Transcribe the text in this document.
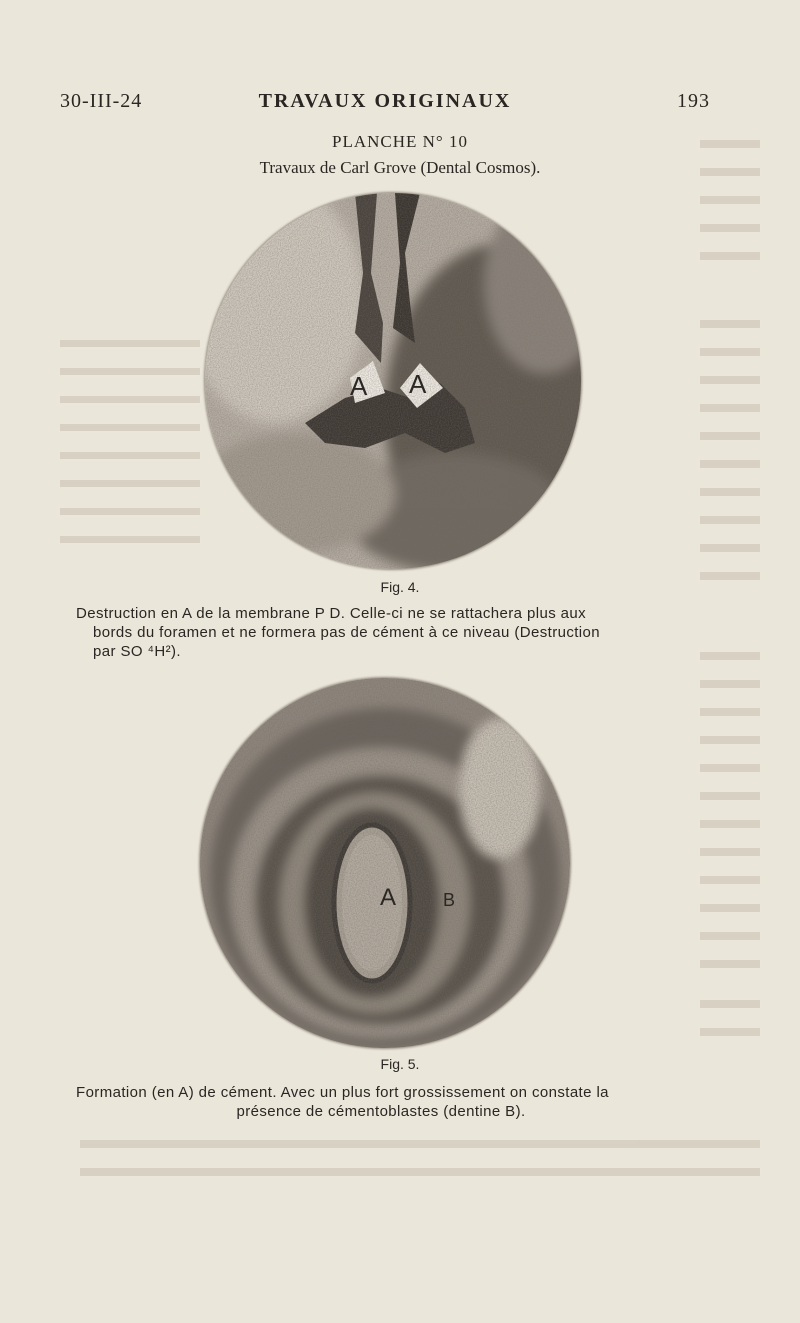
30-III-24	TRAVAUX ORIGINAUX	193

PLANCHE N° 10

Travaux de Carl Grove (Dental Cosmos).

A A

Fig. 4.

Destruction en A de la membrane P D. Celle-ci ne se rattachera plus aux
bords du foramen et ne formera pas de cément à ce niveau (Destruction
par SO ⁴H²).
A	B

Fig. 5.

Formation (en A) de cément. Avec un plus fort grossissement on constate la
présence de cémentoblastes (dentine B).
